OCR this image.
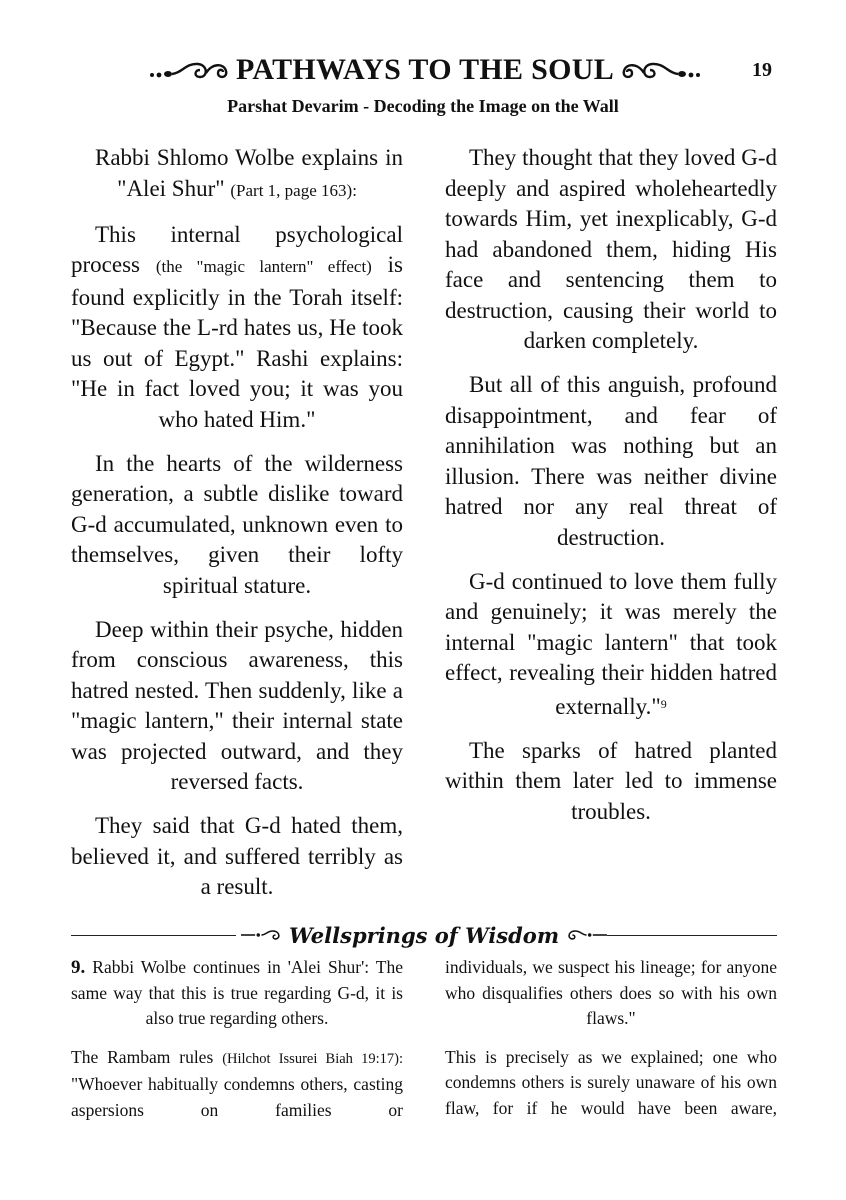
PATHWAYS TO THE SOUL	19
Parshat Devarim - Decoding the Image on the Wall

Rabbi Shlomo Wolbe explains in "Alei Shur" (Part 1, page 163):

This internal psychological process (the "magic lantern" effect) is found explicitly in the Torah itself: "Because the L-rd hates us, He took us out of Egypt." Rashi explains: "He in fact loved you; it was you who hated Him."

In the hearts of the wilderness generation, a subtle dislike toward G-d accumulated, unknown even to themselves, given their lofty spiritual stature.

Deep within their psyche, hidden from conscious awareness, this hatred nested. Then suddenly, like a "magic lantern," their internal state was projected outward, and they reversed facts.

They said that G-d hated them, believed it, and suffered terribly as a result.

They thought that they loved G-d deeply and aspired wholeheartedly towards Him, yet inexplicably, G-d had abandoned them, hiding His face and sentencing them to destruction, causing their world to darken completely.

But all of this anguish, profound disappointment, and fear of annihilation was nothing but an illusion. There was neither divine hatred nor any real threat of destruction.

G-d continued to love them fully and genuinely; it was merely the internal "magic lantern" that took effect, revealing their hidden hatred externally."$^9$

The sparks of hatred planted within them later led to immense troubles.

Wellsprings of Wisdom

9. Rabbi Wolbe continues in 'Alei Shur': The same way that this is true regarding G-d, it is also true regarding others.

The Rambam rules (Hilchot Issurei Biah 19:17): "Whoever habitually condemns others, casting aspersions on families or

individuals, we suspect his lineage; for anyone who disqualifies others does so with his own flaws."

This is precisely as we explained; one who condemns others is surely unaware of his own flaw, for if he would have been aware,
